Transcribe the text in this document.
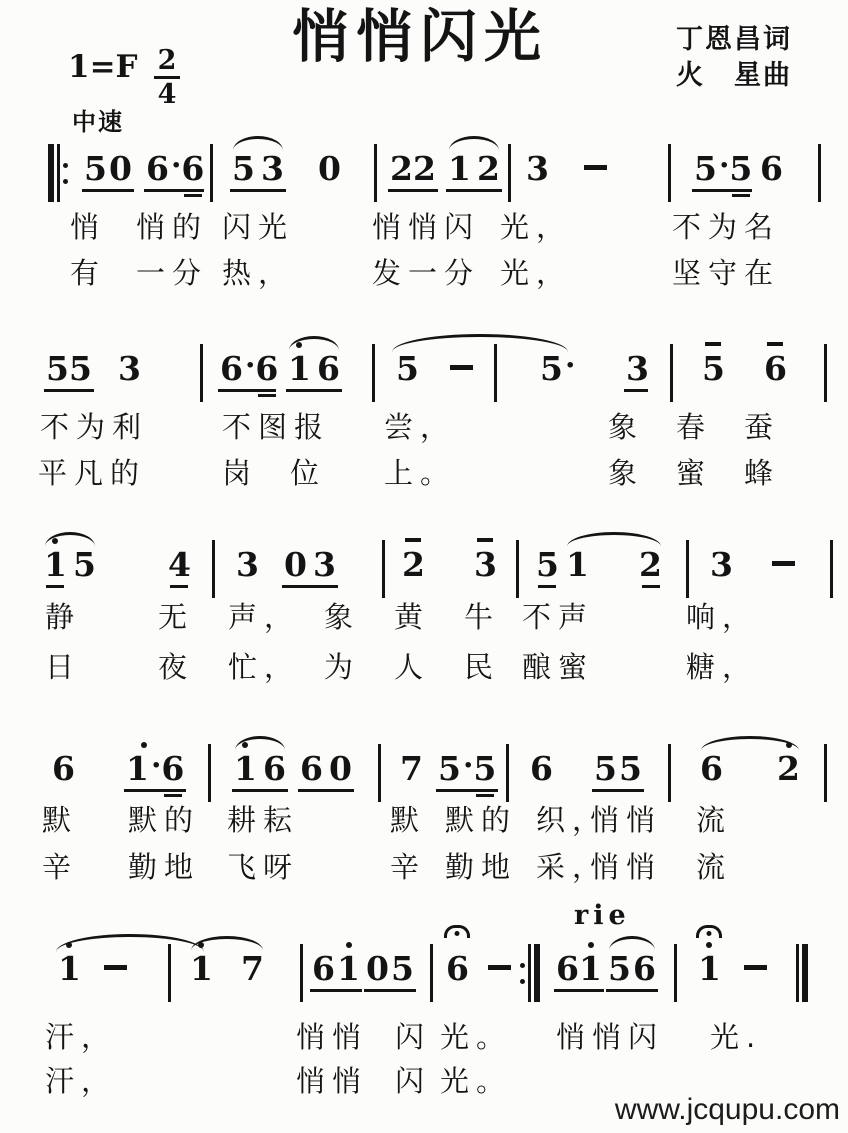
$1=F \frac{2}{4}$
悄悄闪光	丁恩昌词
火　星曲
中速
5 0 6· 6 5 3 0 2 2 1 2 3	5· 5 6
5 5 3 6· 6 1 6 5	5· 3 5 6
1 5 4 3 0 3 2 3 5 1 2 3
6 1· 6 1 6 6 0 7 5· 5 6 5 5 6 2
1	1 7 6 1 0 5 6	6 1 5 6 1
悄 悄的 闪光	悄悄闪 光，	不为名
有 一分 热，	发一分 光，	坚守在
不为利	不图报 尝，	象 春 蚕
平凡的	岗 位 上。	象 蜜 蜂
静	无 声， 象 黄 牛 不声	响，
日	夜 忙， 为 人 民 酿蜜	糖，
默 默的 耕耘	默 默的 织，
悄悄 流
辛 勤地 飞呀	辛 勤地 采，
悄悄 流
汗，	悄悄 闪 光。 悄悄闪 光.
汗，	悄悄 闪 光。
rie
www.jcqupu.com
